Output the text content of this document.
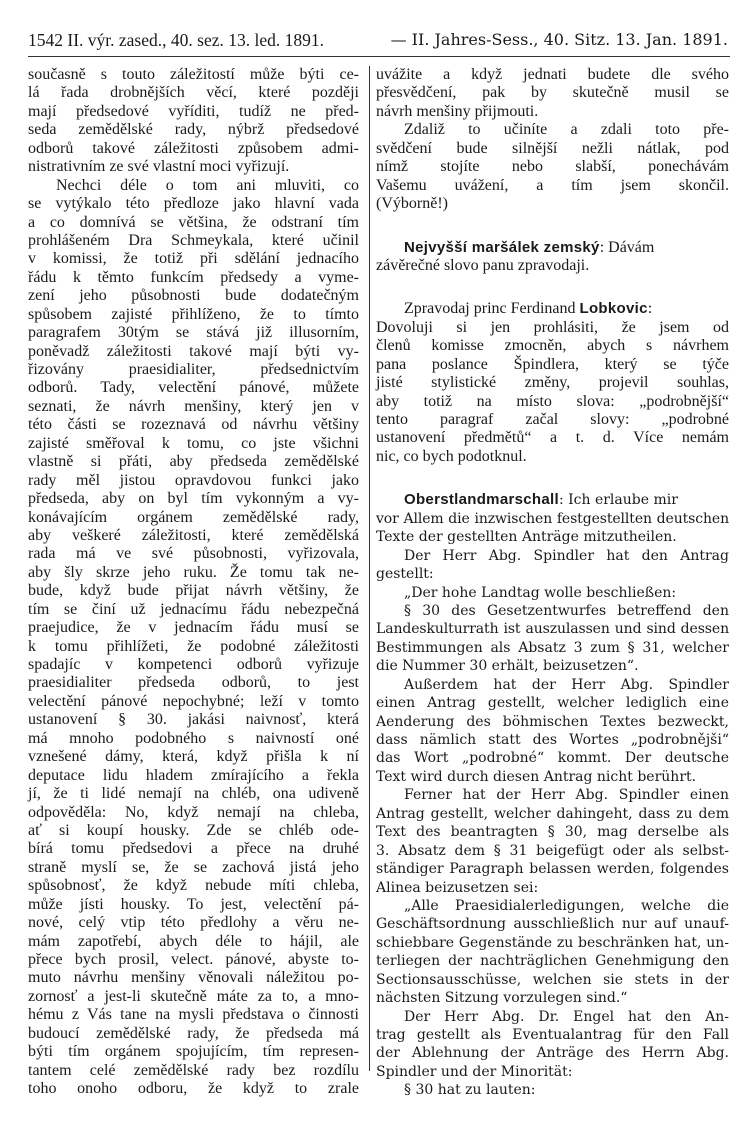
1542 II. výr. zased., 40. sez. 13. led. 1891.	— II. Jahres-Sess., 40. Sitz. 13. Jan. 1891.
současně s touto záležitostí může býti ce-
lá řada drobnějších věcí, které později
mají předsedové vyříditi, tudíž ne před-
seda zemědělské rady, nýbrž předsedové
odborů takové záležitosti způsobem admi-
nistrativním ze své vlastní moci vyřizují.
Nechci déle o tom ani mluviti, co
se vytýkalo této předloze jako hlavní vada
a co domnívá se většina, že odstraní tím
prohlášeném Dra Schmeykala, které učinil
v komissi, že totiž při sdělání jednacího
řádu k těmto funkcím předsedy a vyme-
zení jeho působnosti bude dodatečným
spůsobem zajisté přihlíženo, že to tímto
paragrafem 30tým se stává již illusorním,
poněvadž záležitosti takové mají býti vy-
řizovány praesidialiter, předsednictvím
odborů. Tady, velectění pánové, můžete
seznati, že návrh menšiny, který jen v
této části se rozeznavá od návrhu většiny
zajisté směřoval k tomu, co jste všichni
vlastně si přáti, aby předseda zemědělské
rady měl jistou opravdovou funkci jako
předseda, aby on byl tím vykonným a vy-
konávajícím orgánem zemědělské rady,
aby veškeré záležitosti, které zemědělská
rada má ve své působnosti, vyřizovala,
aby šly skrze jeho ruku. Že tomu tak ne-
bude, když bude přijat návrh většiny, že
tím se činí už jednacímu řádu nebezpečná
praejudice, že v jednacím řádu musí se
k tomu přihlížeti, že podobné záležitosti
spadajíc v kompetenci odborů vyřizuje
praesidialiter předseda odborů, to jest
velectění pánové nepochybné; leží v tomto
ustanovení § 30. jakási naivnosť, která
má mnoho podobného s naivností oné
vznešené dámy, která, když přišla k ní
deputace lidu hladem zmírajícího a řekla
jí, že ti lidé nemají na chléb, ona udiveně
odpověděla: No, když nemají na chleba,
ať si koupí housky. Zde se chléb ode-
bírá tomu předsedovi a přece na druhé
straně myslí se, že se zachová jistá jeho
spůsobnosť, že když nebude míti chleba,
může jísti housky. To jest, velectění pá-
nové, celý vtip této předlohy a věru ne-
mám zapotřebí, abych déle to hájil, ale
přece bych prosil, velect. pánové, abyste to-
muto návrhu menšiny věnovali náležitou po-
zornosť a jest-li skutečně máte za to, a mno-
hému z Vás tane na mysli představa o činnosti
budoucí zemědělské rady, že předseda má
býti tím orgánem spojujícím, tím represen-
tantem celé zemědělské rady bez rozdílu
toho onoho odboru, že když to zrale
uvážite a když jednati budete dle svého
přesvědčení, pak by skutečně musil se
návrh menšiny přijmouti.
Zdaliž to učiníte a zdali toto pře-
svědčení bude silnější nežli nátlak, pod
nímž stojíte nebo slabší, ponechávám
Vašemu uvážení, a tím jsem skončil.
(Výborně!)
Nejvyšší maršálek zemský: Dávám
závěrečné slovo panu zpravodaji.
Zpravodaj princ Ferdinand Lobkovic:
Dovoluji si jen prohlásiti, že jsem od
členů komisse zmocněn, abych s návrhem
pana poslance Špindlera, který se týče
jisté stylistické změny, projevil souhlas,
aby totiž na místo slova: „podrobnější“
tento paragraf začal slovy: „podrobné
ustanovení předmětů“ a t. d. Více nemám
nic, co bych podotknul.
Oberstlandmarschall: Ich erlaube mir
vor Allem die inzwischen festgestellten deutschen
Texte der gestellten Anträge mitzutheilen.
Der Herr Abg. Spindler hat den Antrag
gestellt:
„Der hohe Landtag wolle beschließen:
§ 30 des Gesetzentwurfes betreffend den
Landeskulturrath ist auszulassen und sind dessen
Bestimmungen als Absatz 3 zum § 31, welcher
die Nummer 30 erhält, beizusetzen“.
Außerdem hat der Herr Abg. Spindler
einen Antrag gestellt, welcher lediglich eine
Aenderung des böhmischen Textes bezweckt,
dass nämlich statt des Wortes „podrobnějši“
das Wort „podrobné“ kommt. Der deutsche
Text wird durch diesen Antrag nicht berührt.
Ferner hat der Herr Abg. Spindler einen
Antrag gestellt, welcher dahingeht, dass zu dem
Text des beantragten § 30, mag derselbe als
3. Absatz dem § 31 beigefügt oder als selbst-
ständiger Paragraph belassen werden, folgendes
Alinea beizusetzen sei:
„Alle Praesidialerledigungen, welche die
Geschäftsordnung ausschließlich nur auf unauf-
schiebbare Gegenstände zu beschränken hat, un-
terliegen der nachträglichen Genehmigung den
Sectionsausschüsse, welchen sie stets in der
nächsten Sitzung vorzulegen sind.“
Der Herr Abg. Dr. Engel hat den An-
trag gestellt als Eventualantrag für den Fall
der Ablehnung der Anträge des Herrn Abg.
Spindler und der Minorität:
§ 30 hat zu lauten:
